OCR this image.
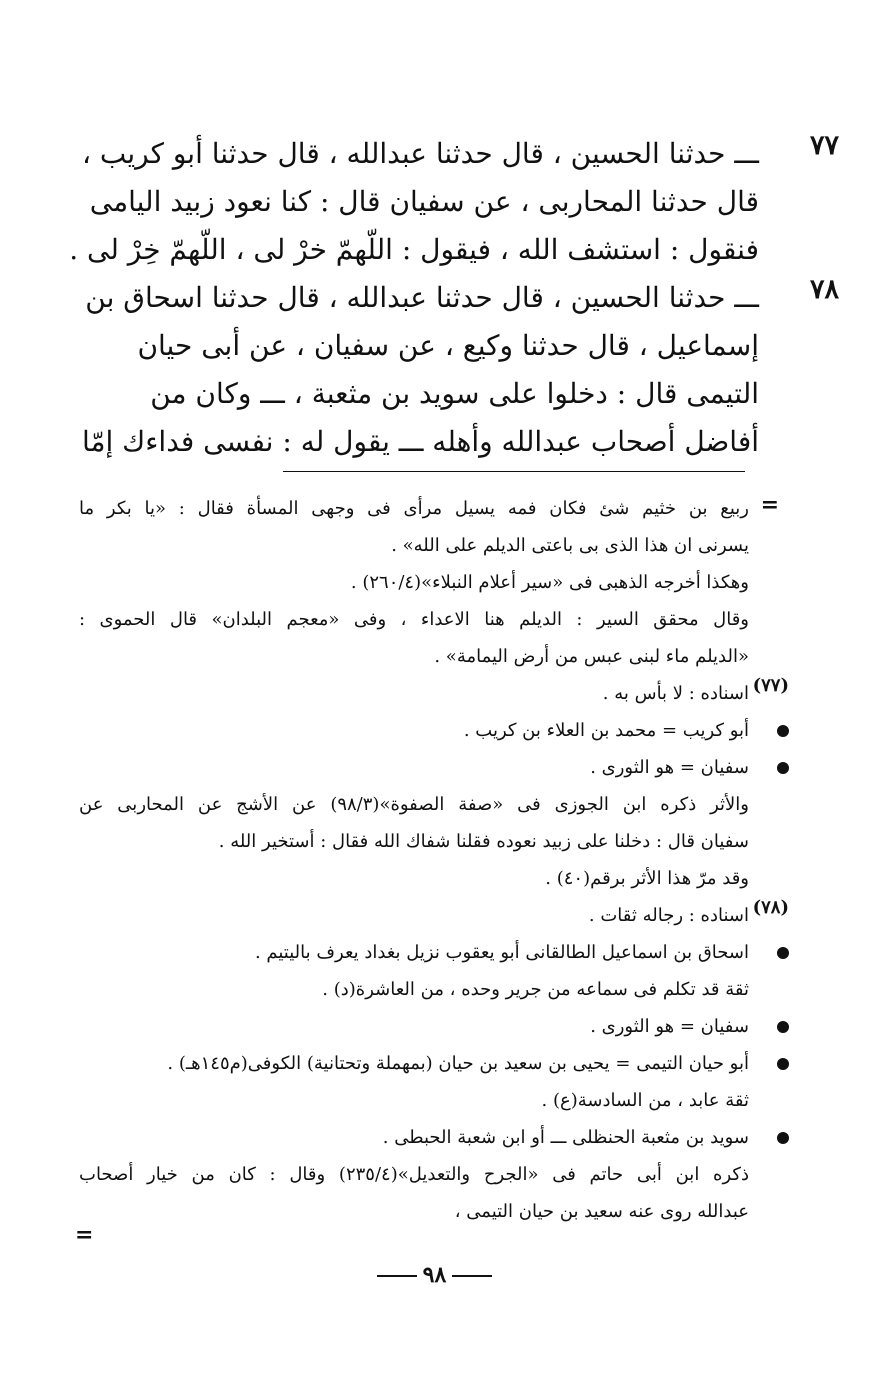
٧٧
ـــ حدثنا الحسين ، قال حدثنا عبدالله ، قال حدثنا أبو كريب ،
قال حدثنا المحاربى ، عن سفيان قال : كنا نعود زبيد اليامى
فنقول : استشف الله ، فيقول : اللّهمّ خرْ لى ، اللّهمّ خِرْ لى .
٧٨
ـــ حدثنا الحسين ، قال حدثنا عبدالله ، قال حدثنا اسحاق بن
إسماعيل ، قال حدثنا وكيع ، عن سفيان ، عن أبى حيان
التيمى قال : دخلوا على سويد بن مثعبة ، ـــ وكان من
أفاضل أصحاب عبدالله وأهله ـــ يقول له : نفسى فداءك إمّا
=
ربيع بن خثيم شئ فكان فمه يسيل مرأى فى وجهى المسأة فقال : «يا بكر ما
يسرنى ان هذا الذى بى باعتى الديلم على الله» .
وهكذا أخرجه الذهبى فى «سير أعلام النبلاء»(٢٦٠/٤) .
وقال محقق السير : الديلم هنا الاعداء ، وفى «معجم البلدان» قال الحموى :
«الديلم ماء لبنى عبس من أرض اليمامة» .
(٧٧)
اسناده : لا بأس به .
أبو كريب = محمد بن العلاء بن كريب .
سفيان = هو الثورى .
والأثر ذكره ابن الجوزى فى «صفة الصفوة»(٩٨/٣) عن الأشج عن المحاربى عن
سفيان قال : دخلنا على زبيد نعوده فقلنا شفاك الله فقال : أستخير الله .
وقد مرّ هذا الأثر برقم(٤٠) .
(٧٨)
اسناده : رجاله ثقات .
اسحاق بن اسماعيل الطالقانى أبو يعقوب نزيل بغداد يعرف باليتيم .
ثقة قد تكلم فى سماعه من جرير وحده ، من العاشرة(د) .
سفيان = هو الثورى .
أبو حيان التيمى = يحيى بن سعيد بن حيان (بمهملة وتحتانية) الكوفى(م١٤٥هـ) .
ثقة عابد ، من السادسة(ع) .
سويد بن مثعبة الحنظلى ـــ أو ابن شعبة الحبطى .
ذكره ابن أبى حاتم فى «الجرح والتعديل»(٢٣٥/٤) وقال : كان من خيار أصحاب
عبدالله روى عنه سعيد بن حيان التيمى ،
=
٩٨
